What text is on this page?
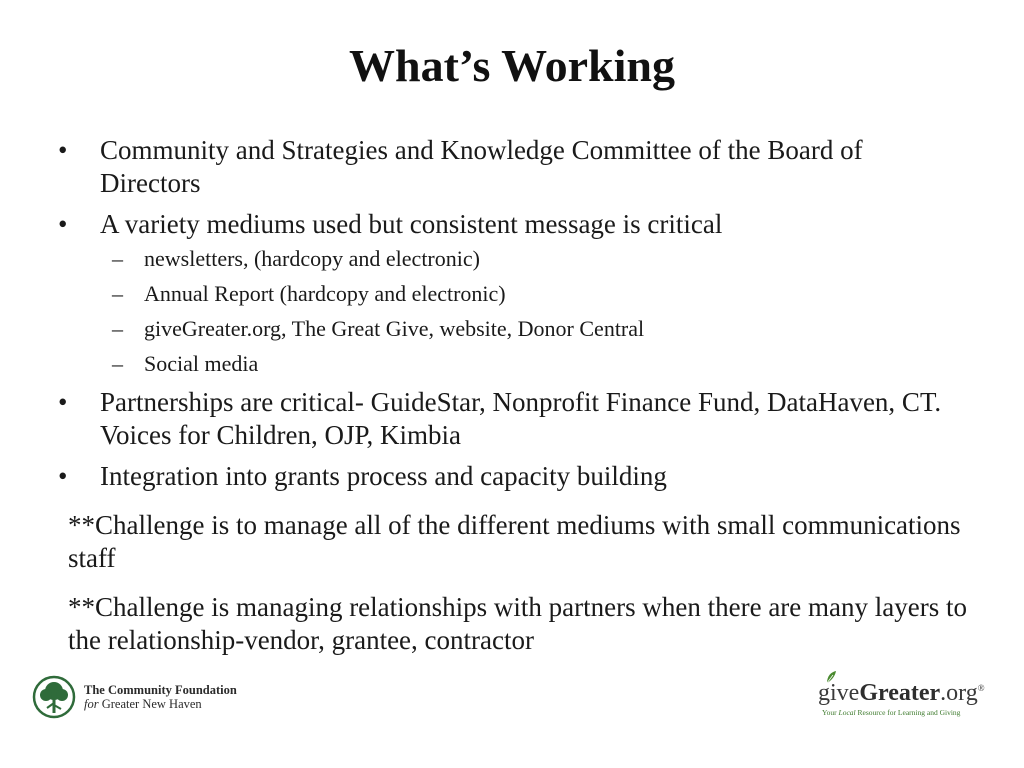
What’s Working
•	Community and Strategies and Knowledge Committee of the Board of Directors
•	A variety mediums used but consistent message is critical
– newsletters, (hardcopy and electronic)
– Annual Report (hardcopy and electronic)
– giveGreater.org, The Great Give, website, Donor Central
– Social media
•	Partnerships are critical- GuideStar, Nonprofit Finance Fund, DataHaven, CT. Voices for Children, OJP, Kimbia
•	Integration into grants process and capacity building
**Challenge is to manage all of the different mediums with small communications staff
**Challenge is managing relationships with partners when there are many layers to the relationship-vendor, grantee, contractor
The Community Foundation
for Greater New Haven	giveGreater.org®
Your Local Resource for Learning and Giving
